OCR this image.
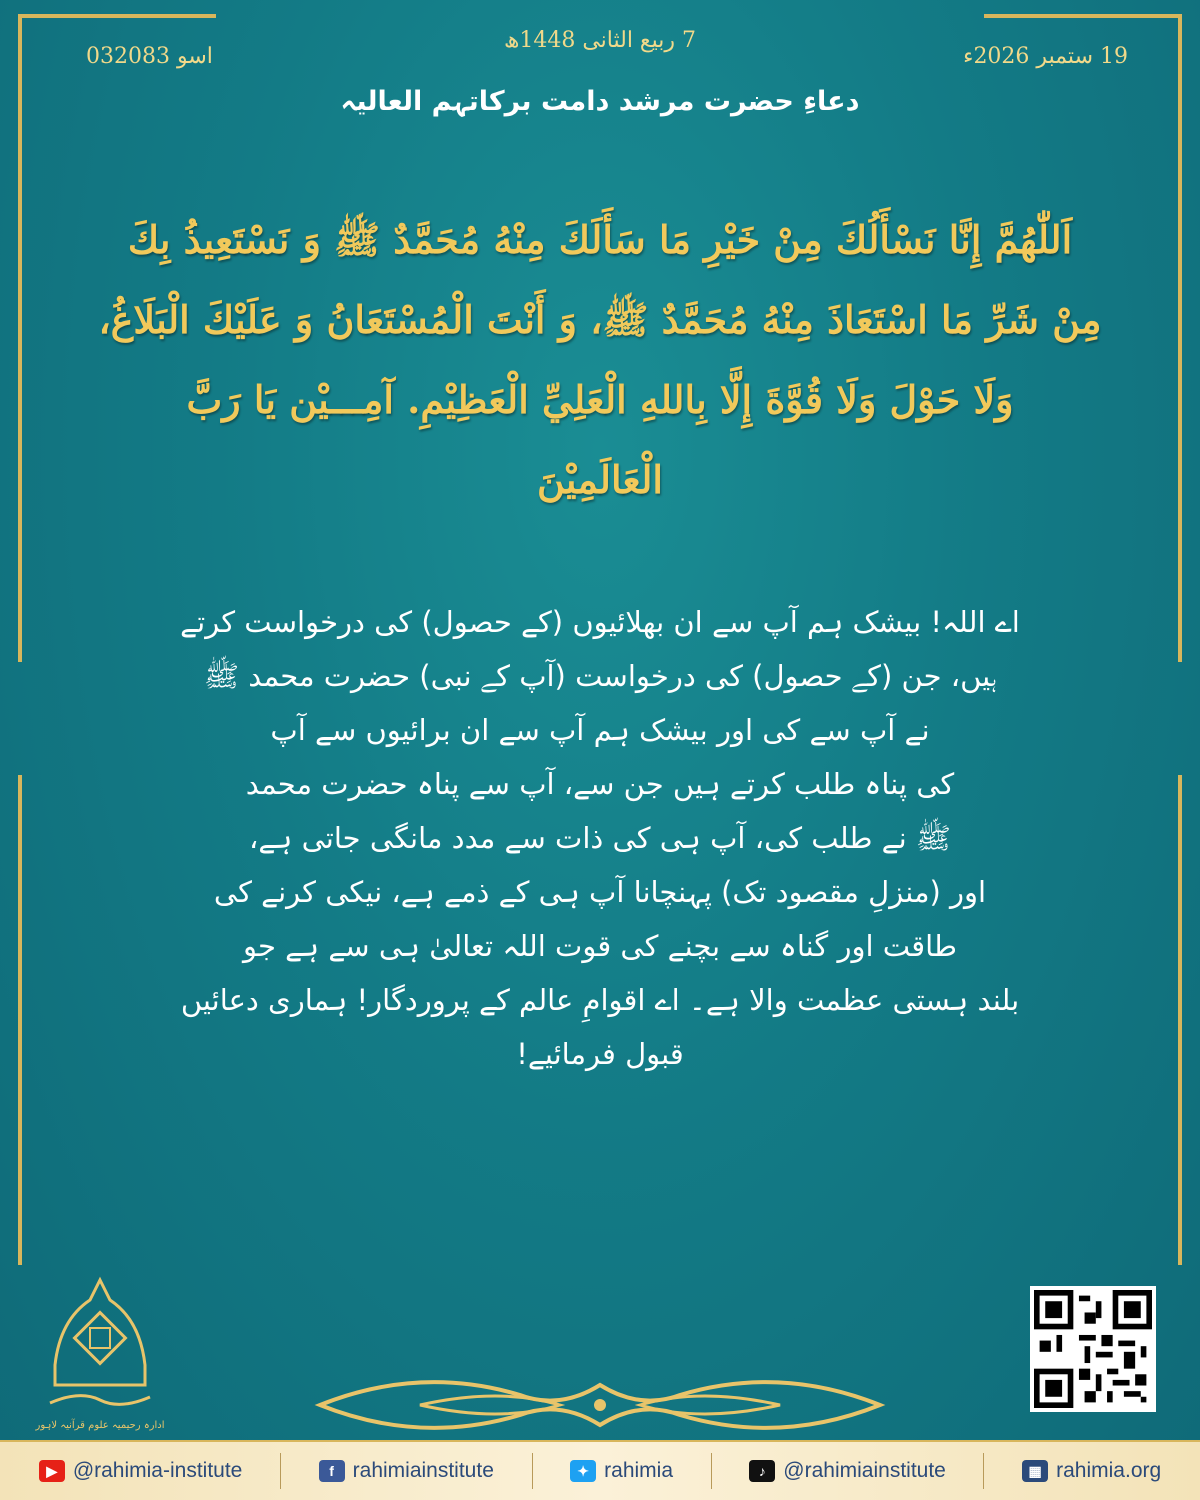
7 ربیع الثانی 1448ھ
03اسو 2083	19 ستمبر 2026ء
دعاءِ حضرت مرشد دامت برکاتہم العالیہ
اَللّٰهُمَّ إِنَّا نَسْأَلُكَ مِنْ خَيْرِ مَا سَأَلَكَ مِنْهُ مُحَمَّدٌ ﷺ وَ نَسْتَعِيذُ بِكَ
مِنْ شَرِّ مَا اسْتَعَاذَ مِنْهُ مُحَمَّدٌ ﷺ، وَ أَنْتَ الْمُسْتَعَانُ وَ عَلَيْكَ الْبَلَاغُ،
وَلَا حَوْلَ وَلَا قُوَّةَ إِلَّا بِاللهِ الْعَلِيِّ الْعَظِيْمِ. آمِـــيْن يَا رَبَّ
الْعَالَمِيْنَ
اے اللہ! بیشک ہم آپ سے ان بھلائیوں (کے حصول) کی درخواست کرتے
ہیں، جن (کے حصول) کی درخواست (آپ کے نبی) حضرت محمد ﷺ
نے آپ سے کی اور بیشک ہم آپ سے ان برائیوں سے آپ
کی پناہ طلب کرتے ہیں جن سے، آپ سے پناہ حضرت محمد
ﷺ نے طلب کی، آپ ہی کی ذات سے مدد مانگی جاتی ہے،
اور (منزلِ مقصود تک) پہنچانا آپ ہی کے ذمے ہے، نیکی کرنے کی
طاقت اور گناہ سے بچنے کی قوت اللہ تعالیٰ ہی سے ہے جو
بلند ہستی عظمت والا ہے۔ اے اقوامِ عالم کے پروردگار! ہماری دعائیں
قبول فرمائیے!
ادارہ رحیمیہ علوم قرآنیہ لاہور
▶ @rahimia-institute	f rahimiainstitute	✦ rahimia	♪ @rahimiainstitute	▦ rahimia.org
